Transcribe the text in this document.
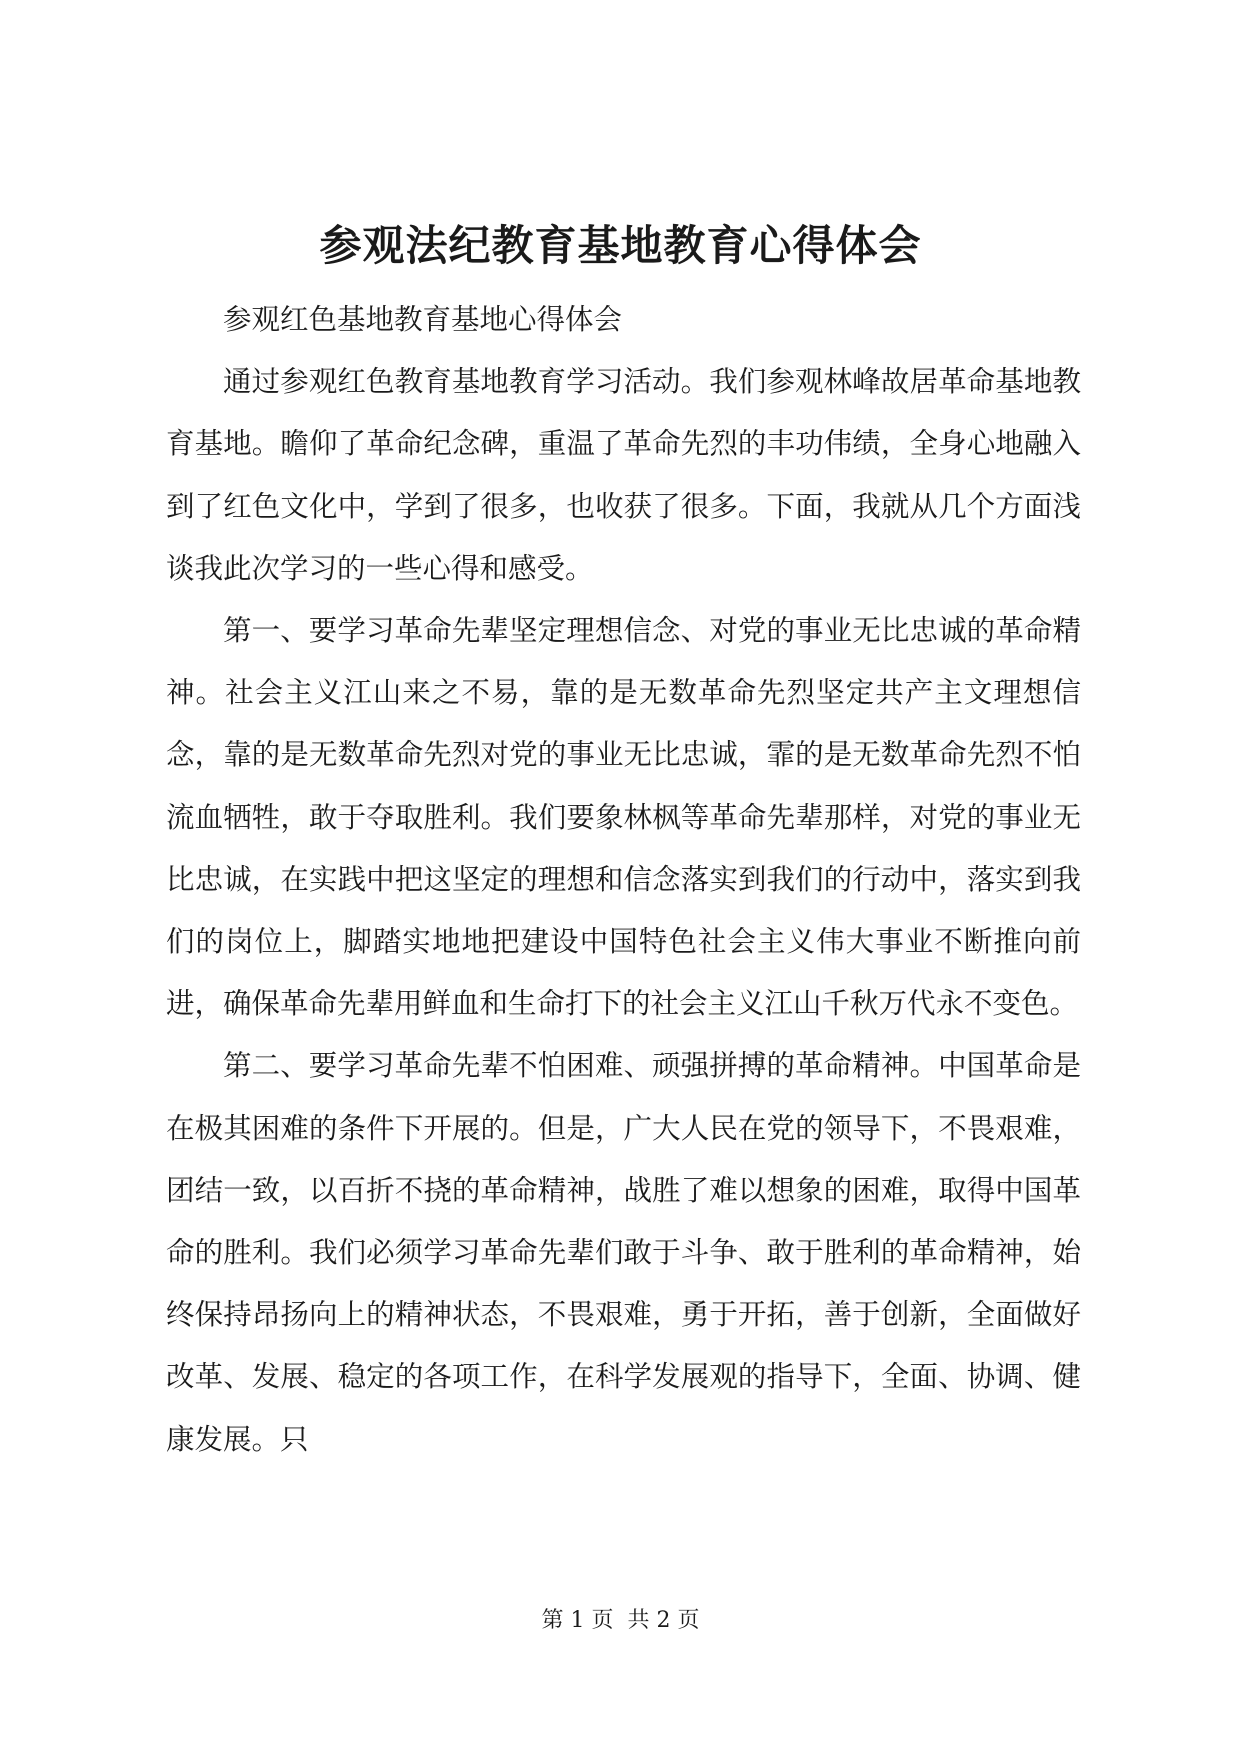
参观法纪教育基地教育心得体会

参观红色基地教育基地心得体会

通过参观红色教育基地教育学习活动。我们参观林峰故居革命基地教育基地。瞻仰了革命纪念碑，重温了革命先烈的丰功伟绩，全身心地融入到了红色文化中，学到了很多，也收获了很多。下面，我就从几个方面浅谈我此次学习的一些心得和感受。

第一、要学习革命先辈坚定理想信念、对党的事业无比忠诚的革命精神。社会主义江山来之不易，靠的是无数革命先烈坚定共产主文理想信念，靠的是无数革命先烈对党的事业无比忠诚，霏的是无数革命先烈不怕流血牺牲，敢于夺取胜利。我们要象林枫等革命先辈那样，对党的事业无比忠诚，在实践中把这坚定的理想和信念落实到我们的行动中，落实到我们的岗位上，脚踏实地地把建设中国特色社会主义伟大事业不断推向前进，确保革命先辈用鲜血和生命打下的社会主义江山千秋万代永不变色。

第二、要学习革命先辈不怕困难、顽强拼搏的革命精神。中国革命是在极其困难的条件下开展的。但是，广大人民在党的领导下，不畏艰难，团结一致，以百折不挠的革命精神，战胜了难以想象的困难，取得中国革命的胜利。我们必须学习革命先辈们敢于斗争、敢于胜利的革命精神，始终保持昂扬向上的精神状态，不畏艰难，勇于开拓，善于创新，全面做好改革、发展、稳定的各项工作，在科学发展观的指导下，全面、协调、健康发展。只

第 1 页  共 2 页
